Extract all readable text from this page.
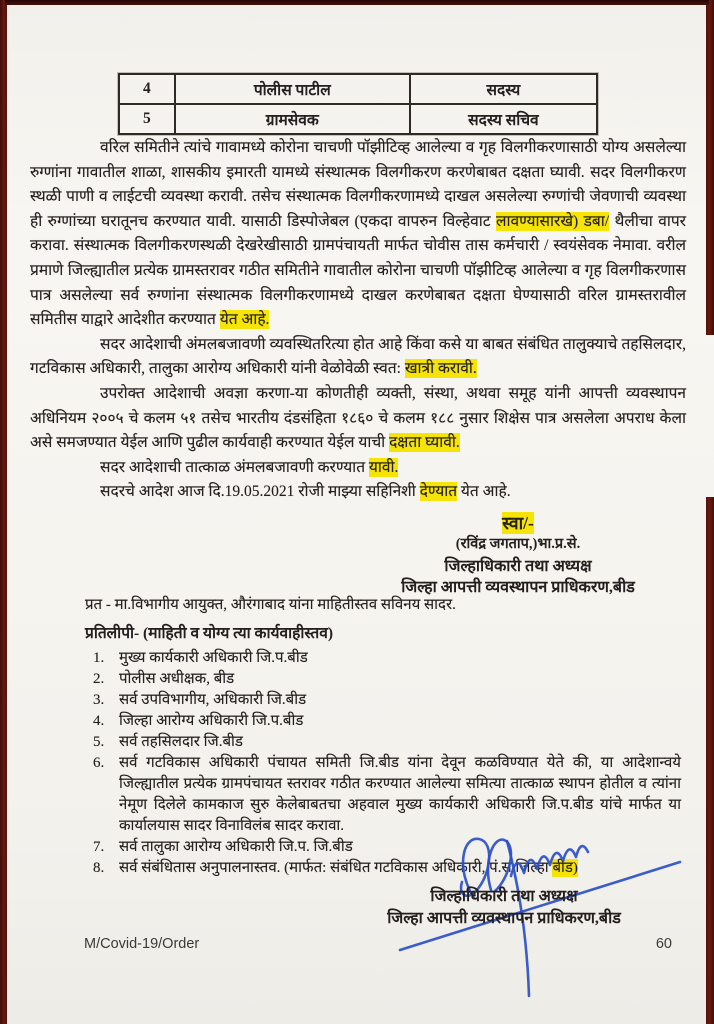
4	पोलीस पाटील	सदस्य
5	ग्रामसेवक	सदस्य सचिव

वरिल समितीने त्यांचे गावामध्ये कोरोना चाचणी पॉझीटिव्ह आलेल्या व गृह विलगीकरणासाठी योग्य असलेल्या रुग्णांना गावातील शाळा, शासकीय इमारती यामध्ये संस्थात्मक विलगीकरण करणेबाबत दक्षता घ्यावी. सदर विलगीकरण स्थळी पाणी व लाईटची व्यवस्था करावी. तसेच संस्थात्मक विलगीकरणामध्ये दाखल असलेल्या रुग्णांची जेवणाची व्यवस्था ही रुग्णांच्या घरातूनच करण्यात यावी. यासाठी डिस्पोजेबल (एकदा वापरुन विल्हेवाट लावण्यासारखे) डबा/ थैलीचा वापर करावा. संस्थात्मक विलगीकरणस्थळी देखरेखीसाठी ग्रामपंचायती मार्फत चोवीस तास कर्मचारी / स्वयंसेवक नेमावा. वरील प्रमाणे जिल्ह्यातील प्रत्येक ग्रामस्तरावर गठीत समितीने गावातील कोरोना चाचणी पॉझीटिव्ह आलेल्या व गृह विलगीकरणास पात्र असलेल्या सर्व रुग्णांना संस्थात्मक विलगीकरणामध्ये दाखल करणेबाबत दक्षता घेण्यासाठी वरिल ग्रामस्तरावील समितीस याद्वारे आदेशीत करण्यात येत आहे.

सदर आदेशाची अंमलबजावणी व्यवस्थितरित्या होत आहे किंवा कसे या बाबत संबंधित तालुक्याचे तहसिलदार, गटविकास अधिकारी, तालुका आरोग्य अधिकारी यांनी वेळोवेळी स्वत: खात्री करावी.

उपरोक्त आदेशाची अवज्ञा करणा-या कोणतीही व्यक्ती, संस्था, अथवा समूह यांनी आपत्ती व्यवस्थापन अधिनियम २००५ चे कलम ५१ तसेच भारतीय दंडसंहिता १८६० चे कलम १८८ नुसार शिक्षेस पात्र असलेला अपराध केला असे समजण्यात येईल आणि पुढील कार्यवाही करण्यात येईल याची दक्षता घ्यावी.

सदर आदेशाची तात्काळ अंमलबजावणी करण्यात यावी.

सदरचे आदेश आज दि.19.05.2021 रोजी माझ्या सहिनिशी देण्यात येत आहे.

स्वा/-
(रविंद्र जगताप,)भा.प्र.से.
जिल्हाधिकारी तथा अध्यक्ष
जिल्हा आपत्ती व्यवस्थापन प्राधिकरण,बीड
प्रत - मा.विभागीय आयुक्त, औरंगाबाद यांना माहितीस्तव सविनय सादर.
प्रतिलीपी- (माहिती व योग्य त्या कार्यवाहीस्तव)
1. मुख्य कार्यकारी अधिकारी जि.प.बीड
2. पोलीस अधीक्षक, बीड
3. सर्व उपविभागीय, अधिकारी जि.बीड
4. जिल्हा आरोग्य अधिकारी जि.प.बीड
5. सर्व तहसिलदार जि.बीड
6. सर्व गटविकास अधिकारी पंचायत समिती जि.बीड यांना देवून कळविण्यात येते की, या आदेशान्वये जिल्ह्यातील प्रत्येक ग्रामपंचायत स्तरावर गठीत करण्यात आलेल्या समित्या तात्काळ स्थापन होतील व त्यांना नेमूण दिलेले कामकाज सुरु केलेबाबतचा अहवाल मुख्य कार्यकारी अधिकारी जि.प.बीड यांचे मार्फत या कार्यालयास सादर विनाविलंब सादर करावा.
7. सर्व तालुका आरोग्य अधिकारी जि.प. जि.बीड
8. सर्व संबंधितास अनुपालनास्तव. (मार्फत: संबंधित गटविकास अधिकारी, पं.स.जिल्हा बीड)
जिल्हाधिकारी तथा अध्यक्ष
जिल्हा आपत्ती व्यवस्थापन प्राधिकरण,बीड
M/Covid-19/Order	60
